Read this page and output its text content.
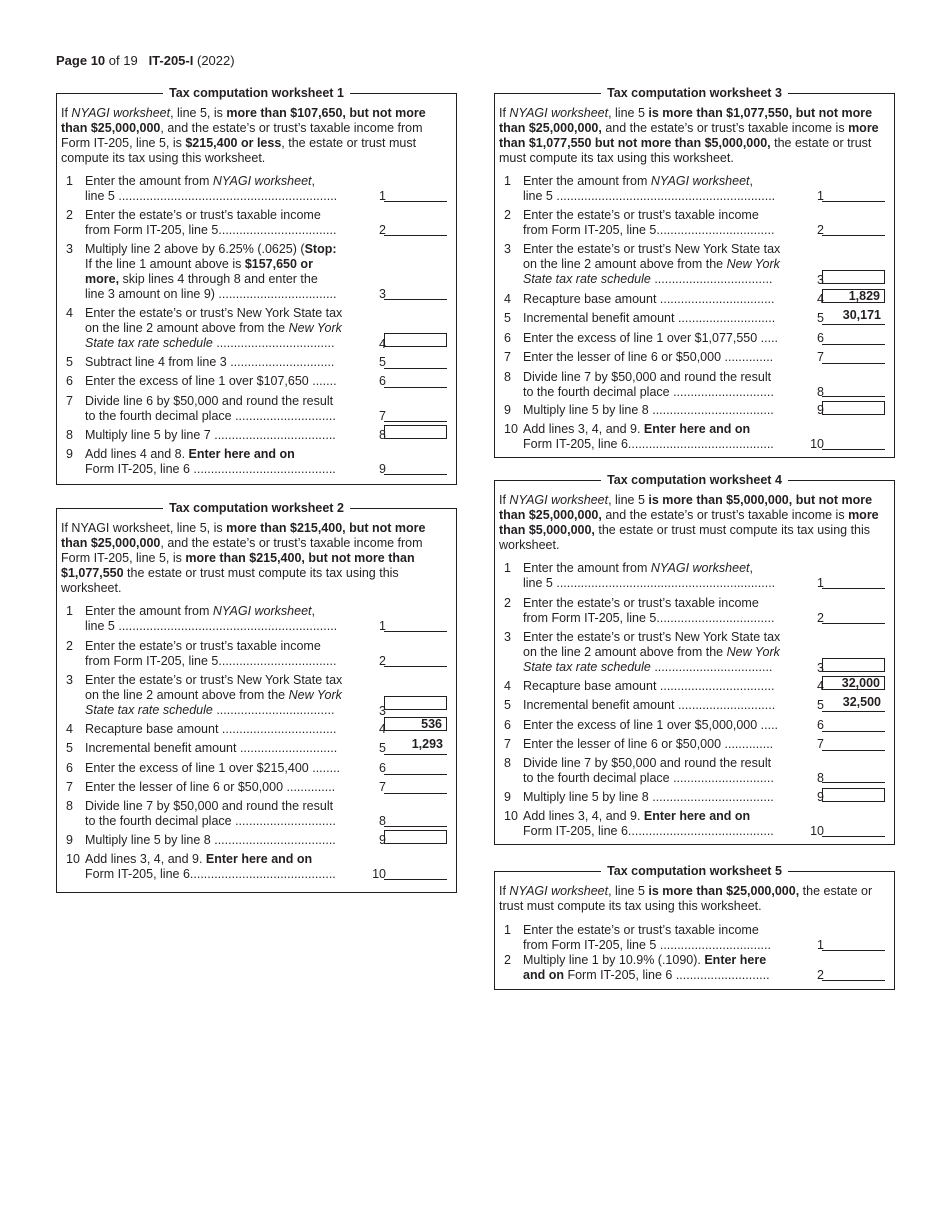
Page 10 of 19 IT-205-I (2022)
Tax computation worksheet 1
If NYAGI worksheet, line 5, is more than $107,650, but not more than $25,000,000, and the estate’s or trust’s taxable income from Form IT-205, line 5, is $215,400 or less, the estate or trust must compute its tax using this worksheet.
1 Enter the amount from NYAGI worksheet,
line 5 ...............................................................	1
2 Enter the estate’s or trust’s taxable income
from Form IT-205, line 5..................................	2
3 Multiply line 2 above by 6.25% (.0625) (Stop:
If the line 1 amount above is $157,650 or
more, skip lines 4 through 8 and enter the
line 3 amount on line 9) ..................................	3
4 Enter the estate’s or trust’s New York State tax
on the line 2 amount above from the New York
State tax rate schedule ..................................	4
5 Subtract line 4 from line 3 ..............................	5
6 Enter the excess of line 1 over $107,650 .......	6
7 Divide line 6 by $50,000 and round the result
to the fourth decimal place .............................	7
8 Multiply line 5 by line 7 ...................................	8
9 Add lines 4 and 8. Enter here and on
Form IT-205, line 6 .........................................	9
Tax computation worksheet 2
If NYAGI worksheet, line 5, is more than $215,400, but not more than $25,000,000, and the estate’s or trust’s taxable income from Form IT-205, line 5, is more than $215,400, but not more than $1,077,550 the estate or trust must compute its tax using this worksheet.
1 Enter the amount from NYAGI worksheet,
line 5 ...............................................................	1
2 Enter the estate’s or trust’s taxable income
from Form IT-205, line 5..................................	2
3 Enter the estate’s or trust’s New York State tax
on the line 2 amount above from the New York
State tax rate schedule ..................................	3
4 Recapture base amount .................................	4	536
5 Incremental benefit amount ............................	5 1,293
6 Enter the excess of line 1 over $215,400 ........	6
7 Enter the lesser of line 6 or $50,000 ..............	7
8 Divide line 7 by $50,000 and round the result
to the fourth decimal place .............................	8
9 Multiply line 5 by line 8 ...................................	9
10 Add lines 3, 4, and 9. Enter here and on
Form IT-205, line 6..........................................	10
Tax computation worksheet 3
If NYAGI worksheet, line 5 is more than $1,077,550, but not more than $25,000,000, and the estate’s or trust’s taxable income is more than $1,077,550 but not more than $5,000,000, the estate or trust must compute its tax using this worksheet.
1 Enter the amount from NYAGI worksheet,
line 5 ...............................................................	1
2 Enter the estate’s or trust’s taxable income
from Form IT-205, line 5..................................	2
3 Enter the estate’s or trust’s New York State tax
on the line 2 amount above from the New York
State tax rate schedule ..................................	3
4 Recapture base amount .................................	4	1,829
5 Incremental benefit amount ............................	5 30,171
6 Enter the excess of line 1 over $1,077,550 .....	6
7 Enter the lesser of line 6 or $50,000 ..............	7
8 Divide line 7 by $50,000 and round the result
to the fourth decimal place .............................	8
9 Multiply line 5 by line 8 ...................................	9
10 Add lines 3, 4, and 9. Enter here and on
Form IT-205, line 6..........................................	10
Tax computation worksheet 4
If NYAGI worksheet, line 5 is more than $5,000,000, but not more than $25,000,000, and the estate’s or trust’s taxable income is more than $5,000,000, the estate or trust must compute its tax using this worksheet.
1 Enter the amount from NYAGI worksheet,
line 5 ...............................................................	1
2 Enter the estate’s or trust’s taxable income
from Form IT-205, line 5..................................	2
3 Enter the estate’s or trust’s New York State tax
on the line 2 amount above from the New York
State tax rate schedule ..................................	3
4 Recapture base amount .................................	4	32,000
5 Incremental benefit amount ............................	5 32,500
6 Enter the excess of line 1 over $5,000,000 .....	6
7 Enter the lesser of line 6 or $50,000 ..............	7
8 Divide line 7 by $50,000 and round the result
to the fourth decimal place .............................	8
9 Multiply line 5 by line 8 ...................................	9
10 Add lines 3, 4, and 9. Enter here and on
Form IT-205, line 6..........................................	10
Tax computation worksheet 5
If NYAGI worksheet, line 5 is more than $25,000,000, the estate or trust must compute its tax using this worksheet.
1 Enter the estate’s or trust’s taxable income
from Form IT-205, line 5 ................................	1
2 Multiply line 1 by 10.9% (.1090). Enter here
and on Form IT-205, line 6 ...........................	2
